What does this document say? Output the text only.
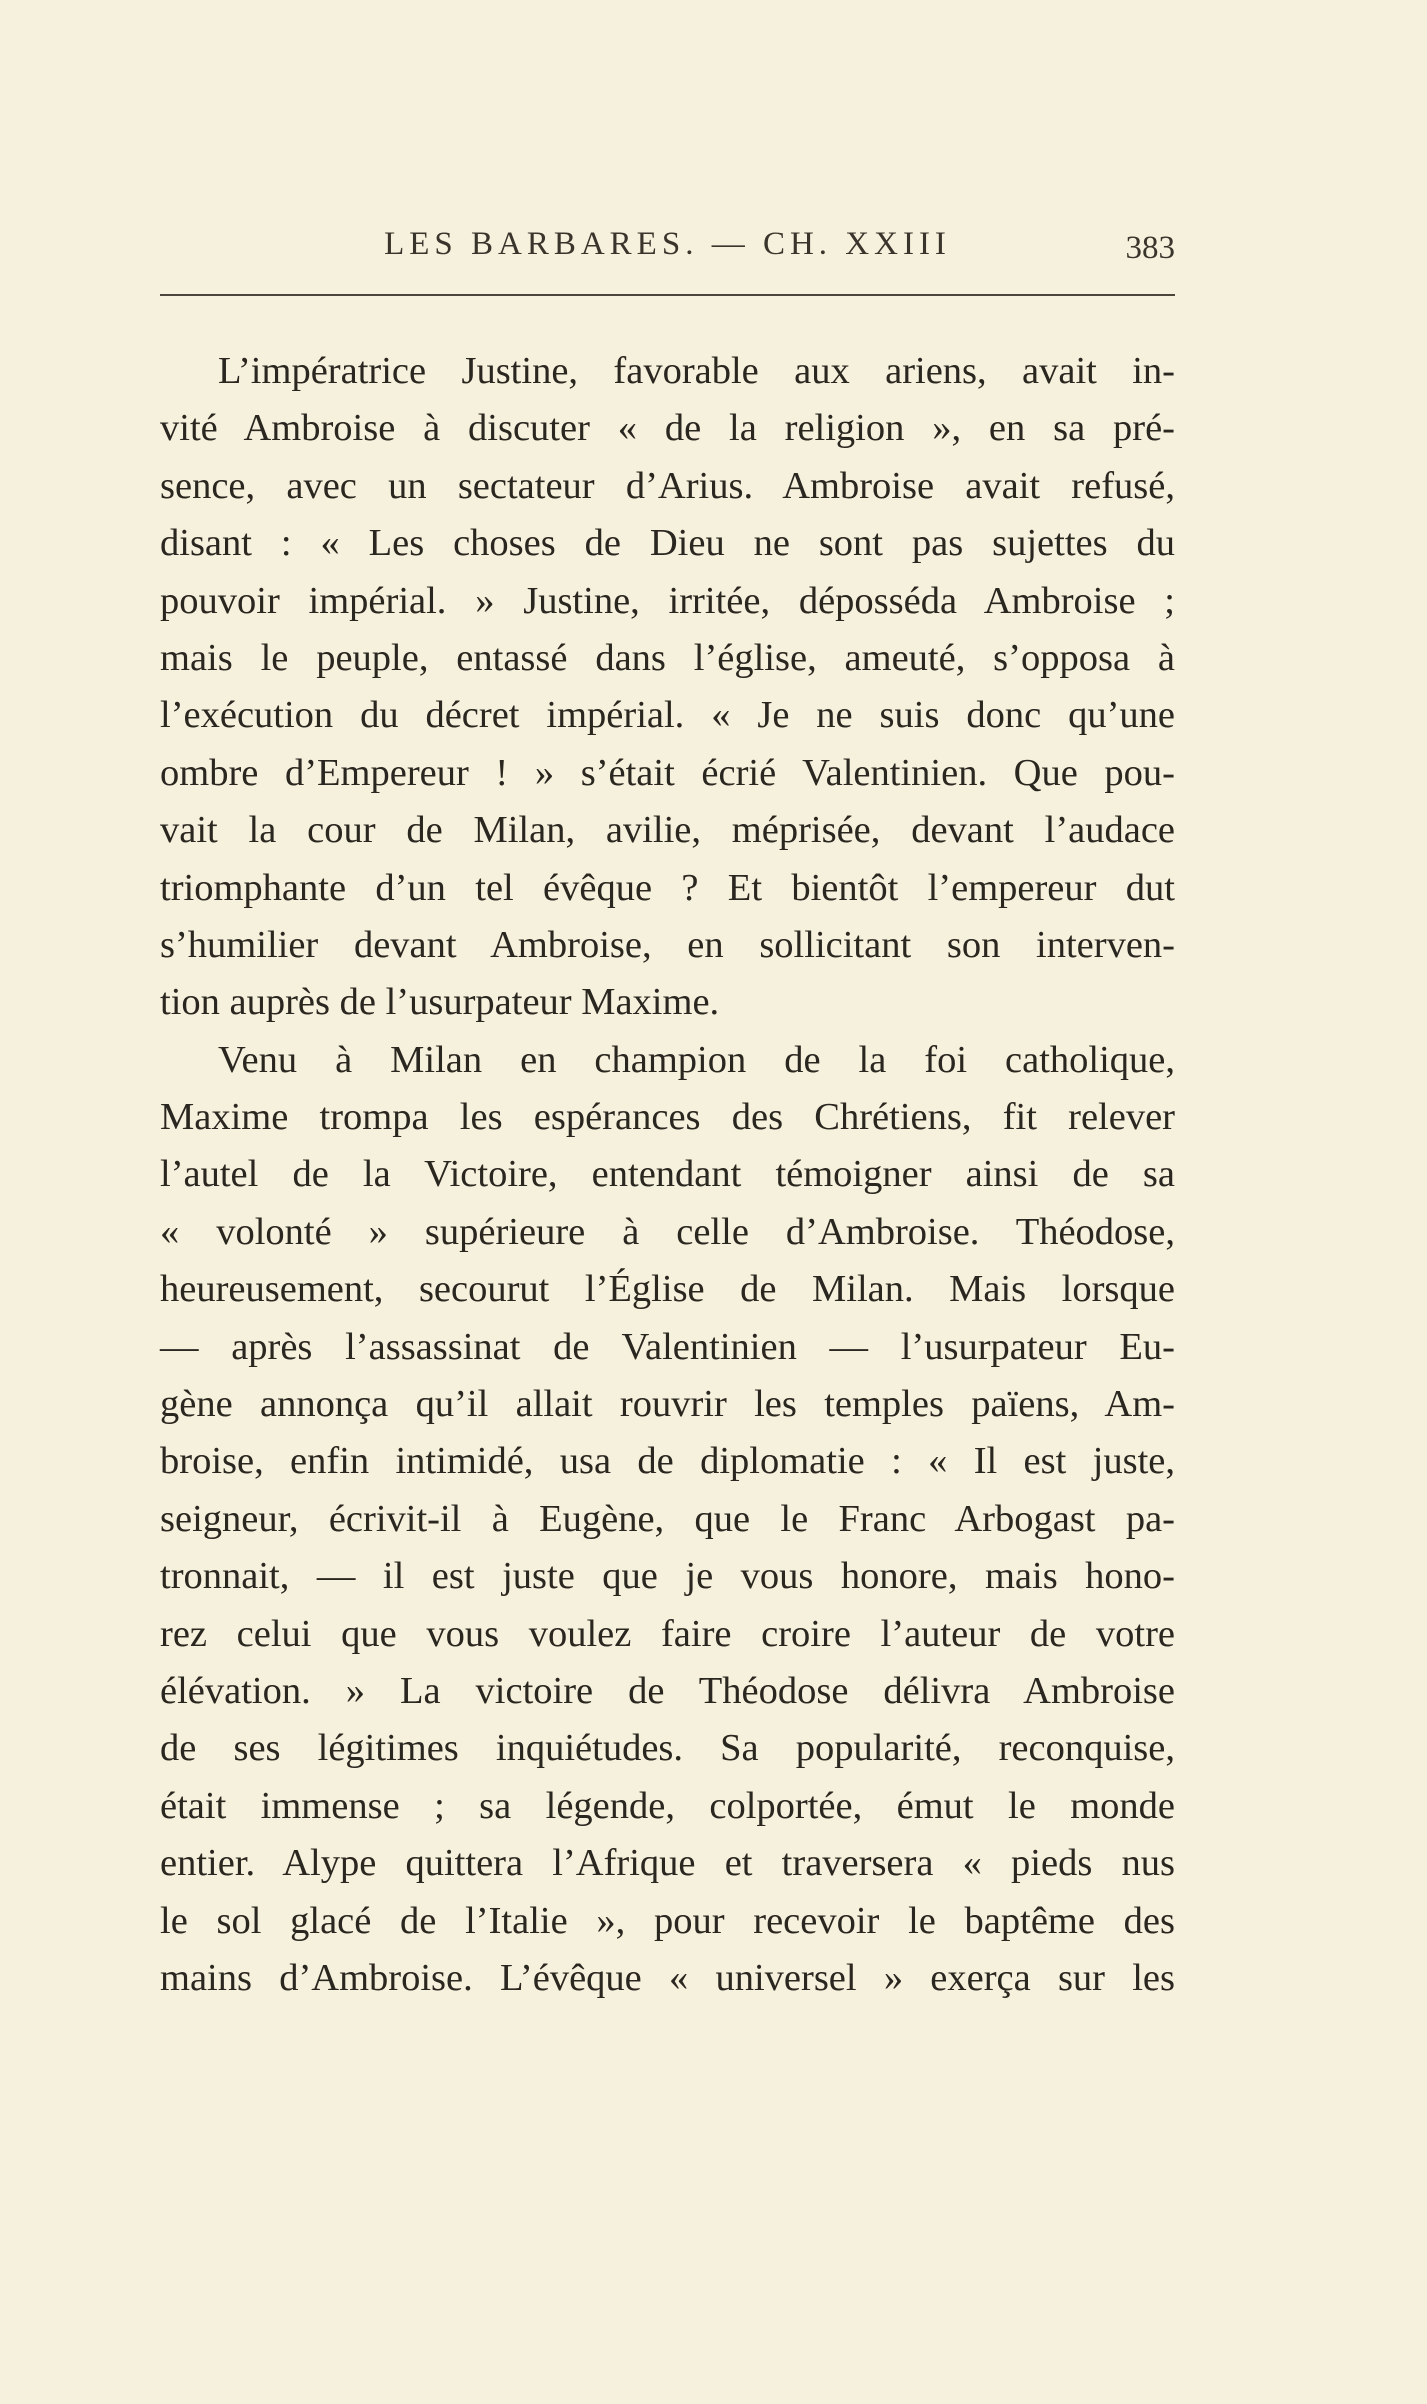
LES BARBARES. — CH. XXIII	383
L’impératrice Justine, favorable aux ariens, avait in-
vité Ambroise à discuter « de la religion », en sa pré-
sence, avec un sectateur d’Arius. Ambroise avait refusé,
disant : « Les choses de Dieu ne sont pas sujettes du
pouvoir impérial. » Justine, irritée, déposséda Ambroise ;
mais le peuple, entassé dans l’église, ameuté, s’opposa à
l’exécution du décret impérial. « Je ne suis donc qu’une
ombre d’Empereur ! » s’était écrié Valentinien. Que pou-
vait la cour de Milan, avilie, méprisée, devant l’audace
triomphante d’un tel évêque ? Et bientôt l’empereur dut
s’humilier devant Ambroise, en sollicitant son interven-
tion auprès de l’usurpateur Maxime.
Venu à Milan en champion de la foi catholique,
Maxime trompa les espérances des Chrétiens, fit relever
l’autel de la Victoire, entendant témoigner ainsi de sa
« volonté » supérieure à celle d’Ambroise. Théodose,
heureusement, secourut l’Église de Milan. Mais lorsque
— après l’assassinat de Valentinien — l’usurpateur Eu-
gène annonça qu’il allait rouvrir les temples païens, Am-
broise, enfin intimidé, usa de diplomatie : « Il est juste,
seigneur, écrivit-il à Eugène, que le Franc Arbogast pa-
tronnait, — il est juste que je vous honore, mais hono-
rez celui que vous voulez faire croire l’auteur de votre
élévation. » La victoire de Théodose délivra Ambroise
de ses légitimes inquiétudes. Sa popularité, reconquise,
était immense ; sa légende, colportée, émut le monde
entier. Alype quittera l’Afrique et traversera « pieds nus
le sol glacé de l’Italie », pour recevoir le baptême des
mains d’Ambroise. L’évêque « universel » exerça sur les
